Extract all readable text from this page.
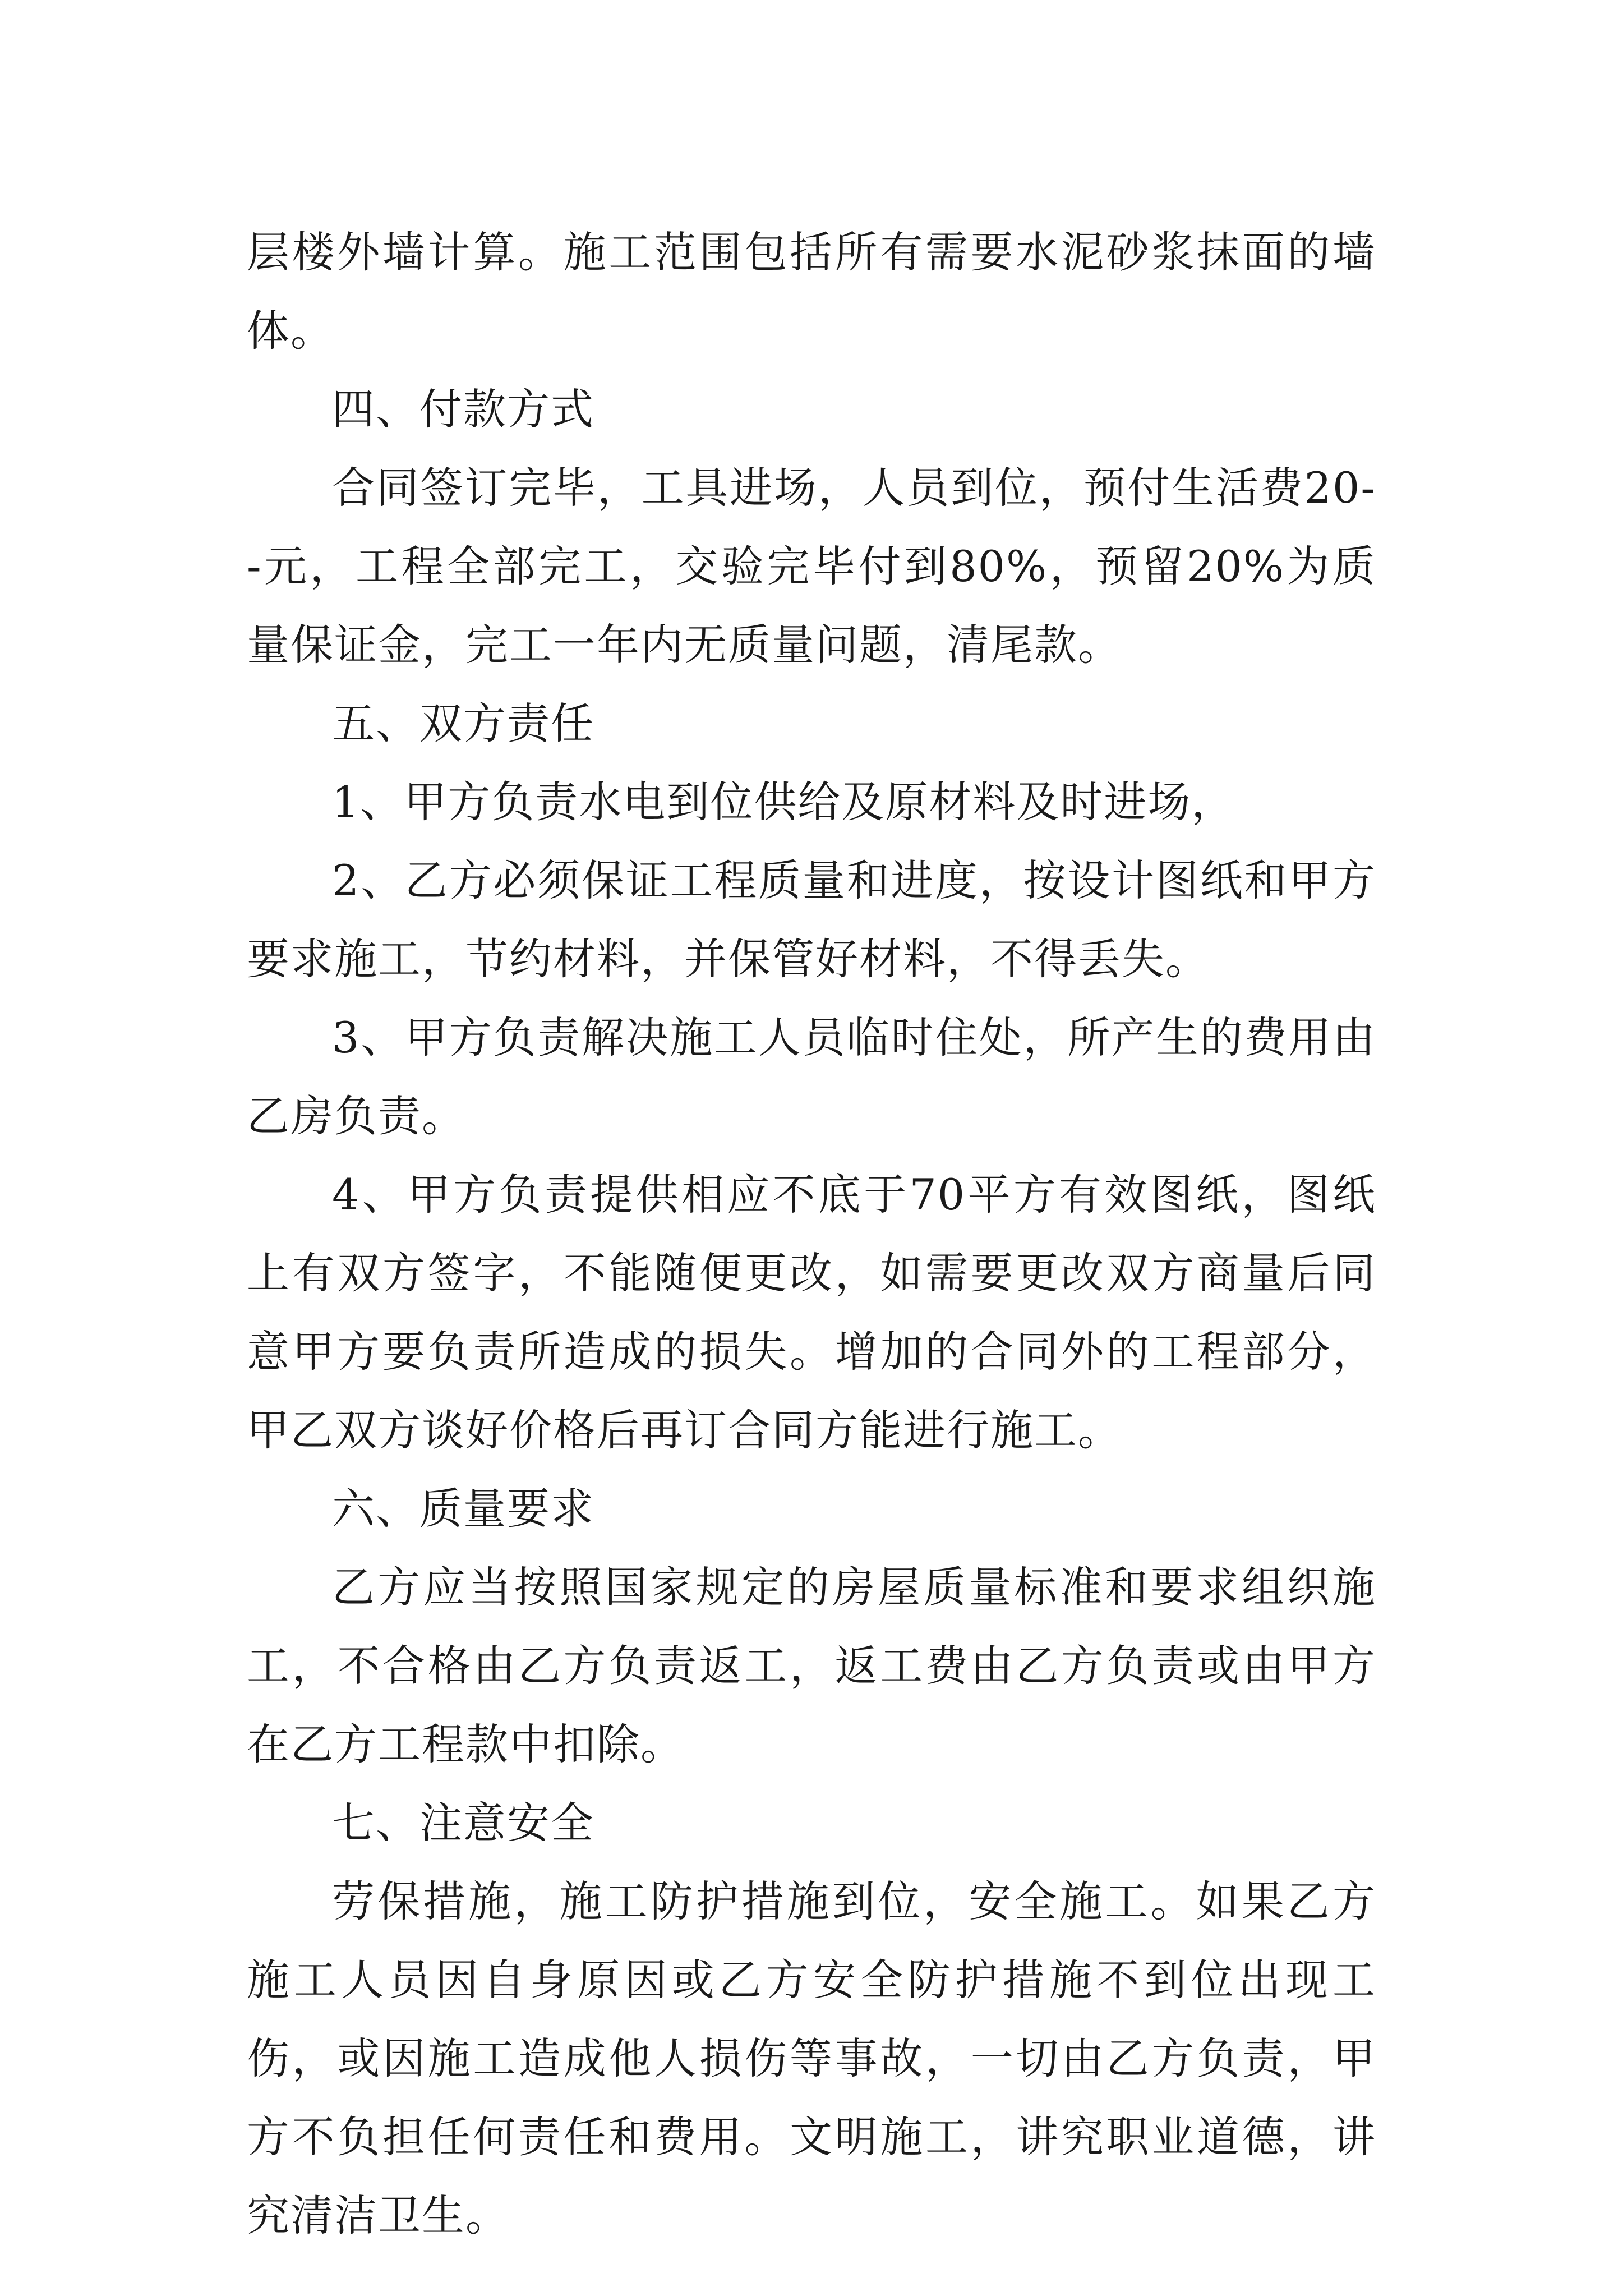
层楼外墙计算。施工范围包括所有需要水泥砂浆抹面的墙体。

四、付款方式

合同签订完毕，工具进场，人员到位，预付生活费20--元，工程全部完工，交验完毕付到80%，预留20%为质量保证金，完工一年内无质量问题，清尾款。

五、双方责任

1、甲方负责水电到位供给及原材料及时进场，

2、乙方必须保证工程质量和进度，按设计图纸和甲方要求施工，节约材料，并保管好材料，不得丢失。

3、甲方负责解决施工人员临时住处，所产生的费用由乙房负责。

4、甲方负责提供相应不底于70平方有效图纸，图纸上有双方签字，不能随便更改，如需要更改双方商量后同意甲方要负责所造成的损失。增加的合同外的工程部分，甲乙双方谈好价格后再订合同方能进行施工。

六、质量要求

乙方应当按照国家规定的房屋质量标准和要求组织施工，不合格由乙方负责返工，返工费由乙方负责或由甲方在乙方工程款中扣除。

七、注意安全

劳保措施，施工防护措施到位，安全施工。如果乙方施工人员因自身原因或乙方安全防护措施不到位出现工伤，或因施工造成他人损伤等事故，一切由乙方负责，甲方不负担任何责任和费用。文明施工，讲究职业道德，讲究清洁卫生。
